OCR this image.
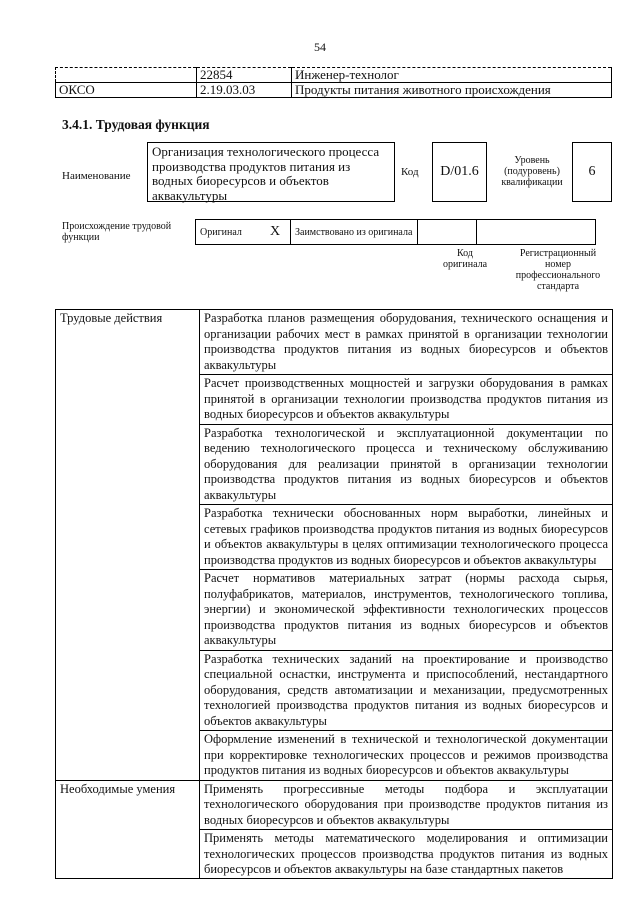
54
	22854	Инженер-технолог
ОКСО	2.19.03.03	Продукты питания животного происхождения
3.4.1. Трудовая функция
Наименование
Организация технологического процесса производства продуктов питания из водных биоресурсов и объектов аквакультуры
Код	D/01.6
Уровень
(подуровень)
квалификации
6
Происхождение трудовой функции	Оригинал	X	Заимствовано из оригинала		
Код
оригинала
Регистрационный
номер
профессионального
стандарта
Трудовые действия	Разработка планов размещения оборудования, технического оснащения и организации рабочих мест в рамках принятой в организации технологии производства продуктов питания из водных биоресурсов и объектов аквакультуры
	Расчет производственных мощностей и загрузки оборудования в рамках принятой в организации технологии производства продуктов питания из водных биоресурсов и объектов аквакультуры
	Разработка технологической и эксплуатационной документации по ведению технологического процесса и техническому обслуживанию оборудования для реализации принятой в организации технологии производства продуктов питания из водных биоресурсов и объектов аквакультуры
	Разработка технически обоснованных норм выработки, линейных и сетевых графиков производства продуктов питания из водных биоресурсов и объектов аквакультуры в целях оптимизации технологического процесса производства продуктов из водных биоресурсов и объектов аквакультуры
	Расчет нормативов материальных затрат (нормы расхода сырья, полуфабрикатов, материалов, инструментов, технологического топлива, энергии) и экономической эффективности технологических процессов производства продуктов питания из водных биоресурсов и объектов аквакультуры
	Разработка технических заданий на проектирование и производство специальной оснастки, инструмента и приспособлений, нестандартного оборудования, средств автоматизации и механизации, предусмотренных технологией производства продуктов питания из водных биоресурсов и объектов аквакультуры
	Оформление изменений в технической и технологической документации при корректировке технологических процессов и режимов производства продуктов питания из водных биоресурсов и объектов аквакультуры
Необходимые умения	Применять прогрессивные методы подбора и эксплуатации технологического оборудования при производстве продуктов питания из водных биоресурсов и объектов аквакультуры

	Применять методы математического моделирования и оптимизации технологических процессов производства продуктов питания из водных биоресурсов и объектов аквакультуры на базе стандартных пакетов
